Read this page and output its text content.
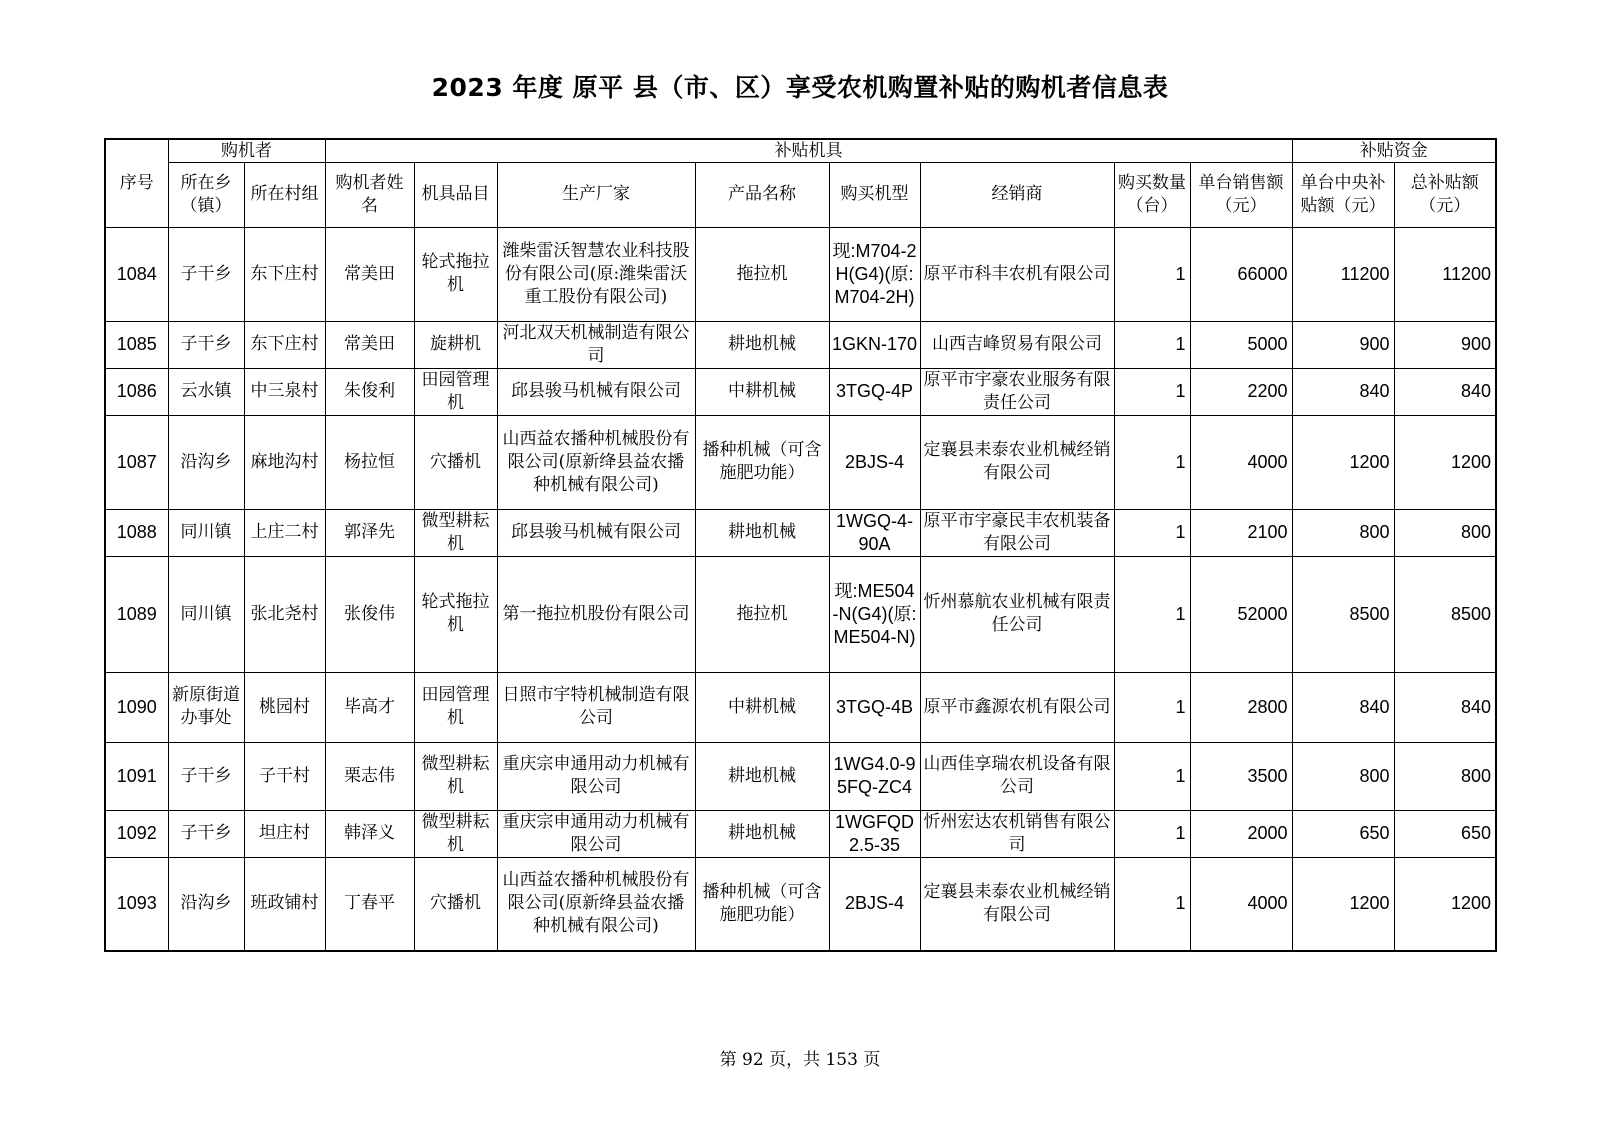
2023 年度 原平 县（市、区）享受农机购置补贴的购机者信息表
序号	购机者		补贴机具								补贴资金	
	所在乡（镇）	所在村组	购机者姓名	机具品目	生产厂家	产品名称	购买机型	经销商	购买数量（台）	单台销售额（元）	单台中央补贴额（元）	总补贴额（元）
1084	子干乡	东下庄村	常美田	轮式拖拉机	潍柴雷沃智慧农业科技股份有限公司(原:潍柴雷沃重工股份有限公司)	拖拉机	现:M704-2H(G4)(原:M704-2H)	原平市科丰农机有限公司	1	66000	11200	11200
1085	子干乡	东下庄村	常美田	旋耕机	河北双天机械制造有限公司	耕地机械	1GKN-170	山西吉峰贸易有限公司	1	5000	900	900
1086	云水镇	中三泉村	朱俊利	田园管理机	邱县骏马机械有限公司	中耕机械	3TGQ-4P	原平市宇豪农业服务有限责任公司	1	2200	840	840
1087	沿沟乡	麻地沟村	杨拉恒	穴播机	山西益农播种机械股份有限公司(原新绛县益农播种机械有限公司)	播种机械（可含施肥功能）	2BJS-4	定襄县耒泰农业机械经销有限公司	1	4000	1200	1200
1088	同川镇	上庄二村	郭泽先	微型耕耘机	邱县骏马机械有限公司	耕地机械	1WGQ-4-90A	原平市宇豪民丰农机装备有限公司	1	2100	800	800
1089	同川镇	张北尧村	张俊伟	轮式拖拉机	第一拖拉机股份有限公司	拖拉机	现:ME504-N(G4)(原:ME504-N)	忻州慕航农业机械有限责任公司	1	52000	8500	8500
1090	新原街道办事处	桃园村	毕高才	田园管理机	日照市宇特机械制造有限公司	中耕机械	3TGQ-4B	原平市鑫源农机有限公司	1	2800	840	840
1091	子干乡	子干村	栗志伟	微型耕耘机	重庆宗申通用动力机械有限公司	耕地机械	1WG4.0-95FQ-ZC4	山西佳享瑞农机设备有限公司	1	3500	800	800
1092	子干乡	坦庄村	韩泽义	微型耕耘机	重庆宗申通用动力机械有限公司	耕地机械	1WGFQD2.5-35	忻州宏达农机销售有限公司	1	2000	650	650
1093	沿沟乡	班政铺村	丁春平	穴播机	山西益农播种机械股份有限公司(原新绛县益农播种机械有限公司)	播种机械（可含施肥功能）	2BJS-4	定襄县耒泰农业机械经销有限公司	1	4000	1200	1200
第 92 页，共 153 页
